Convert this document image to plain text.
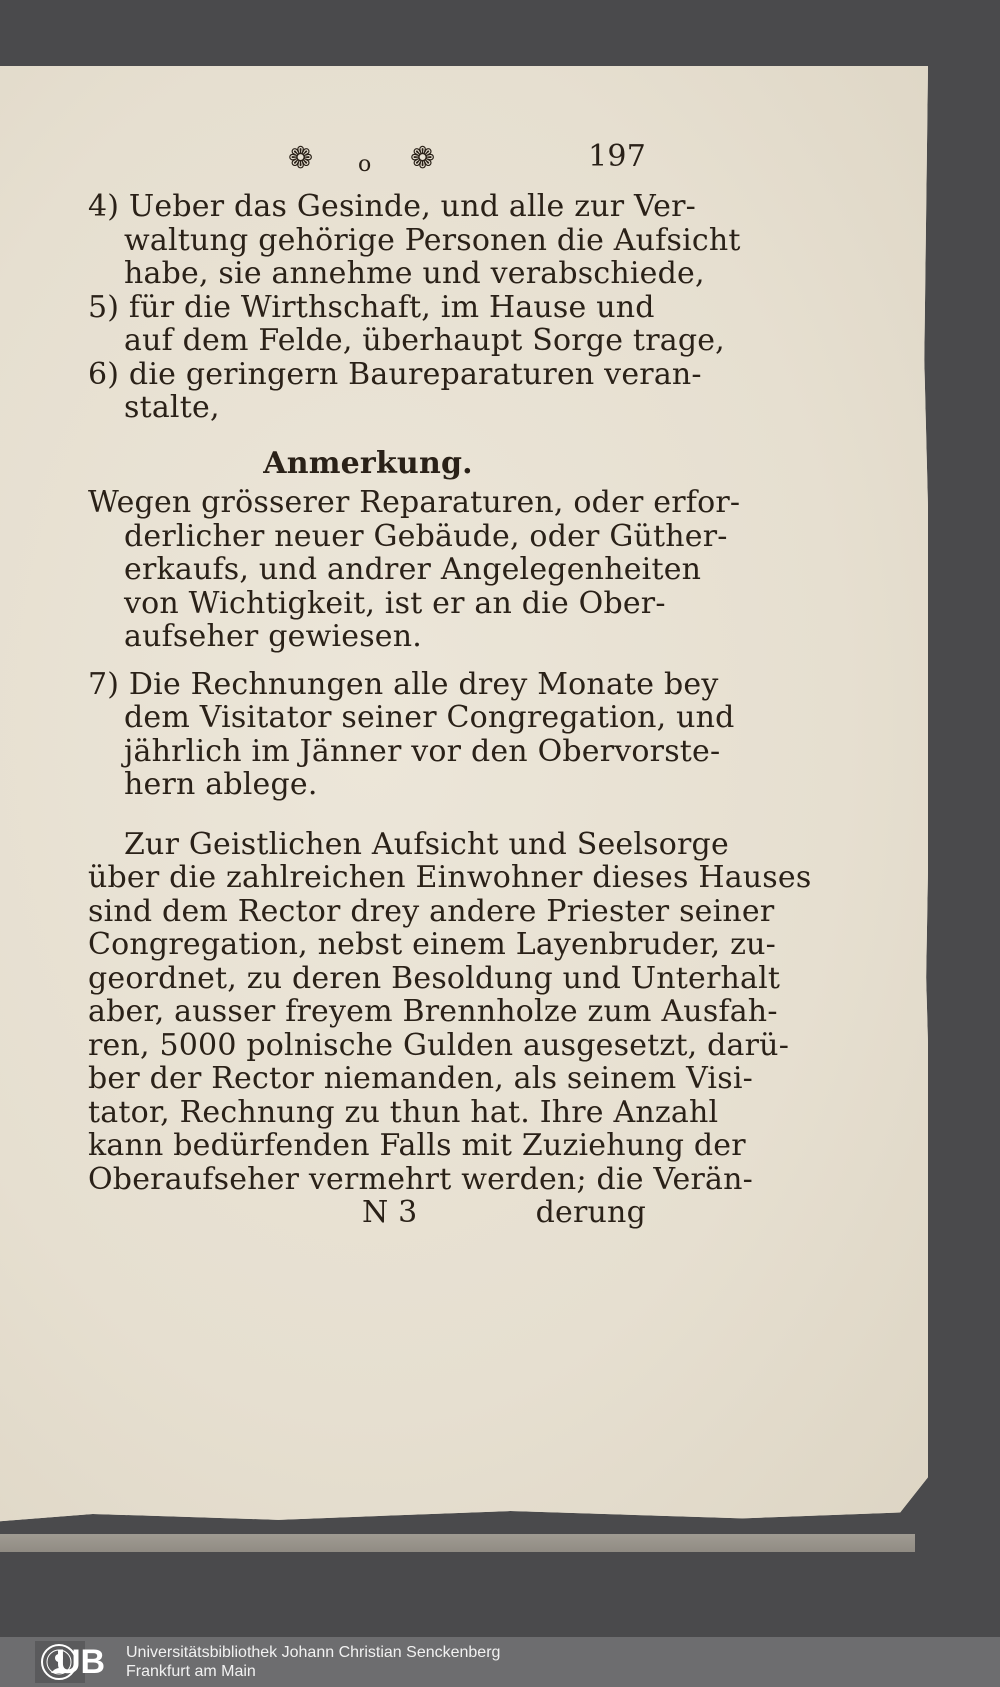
❁ o ❁	197
4) Ueber das Gesinde, und alle zur Ver-
waltung gehörige Personen die Aufsicht
habe, sie annehme und verabschiede,
5) für die Wirthschaft, im Hause und
auf dem Felde, überhaupt Sorge trage,
6) die geringern Baureparaturen veran-
stalte,
Anmerkung.
Wegen grösserer Reparaturen, oder erfor-
derlicher neuer Gebäude, oder Güther-
erkaufs, und andrer Angelegenheiten
von Wichtigkeit, ist er an die Ober-
aufseher gewiesen.
7) Die Rechnungen alle drey Monate bey
dem Visitator seiner Congregation, und
jährlich im Jänner vor den Obervorste-
hern ablege.
Zur Geistlichen Aufsicht und Seelsorge
über die zahlreichen Einwohner dieses Hauses
sind dem Rector drey andere Priester seiner
Congregation, nebst einem Layenbruder, zu-
geordnet, zu deren Besoldung und Unterhalt
aber, ausser freyem Brennholze zum Ausfah-
ren, 5000 polnische Gulden ausgesetzt, darü-
ber der Rector niemanden, als seinem Visi-
tator, Rechnung zu thun hat. Ihre Anzahl
kann bedürfenden Falls mit Zuziehung der
Oberaufseher vermehrt werden; die Verän-
N 3	derung
UB Universitätsbibliothek Johann Christian Senckenberg
Frankfurt am Main
